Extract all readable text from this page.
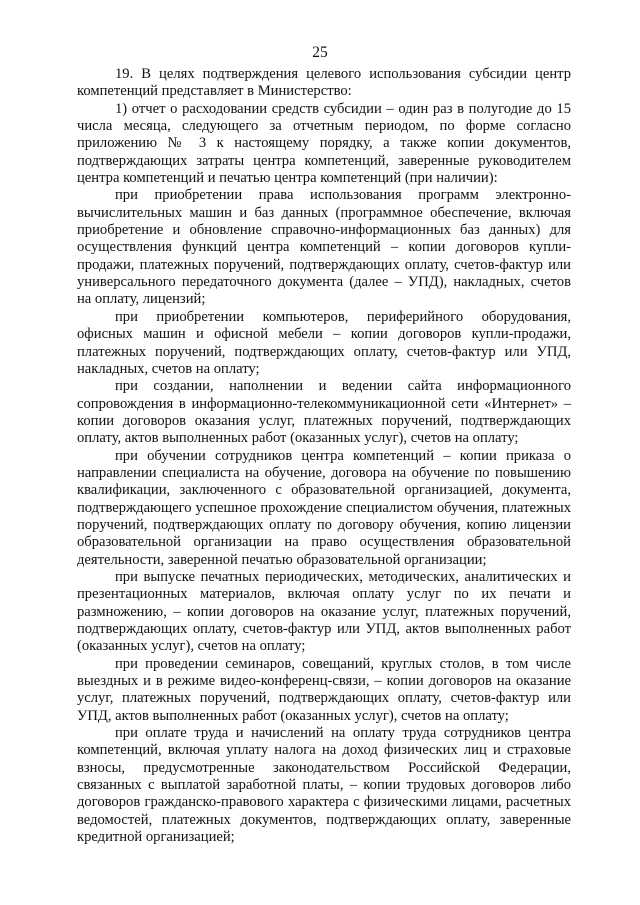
25

19. В целях подтверждения целевого использования субсидии центр компетенций представляет в Министерство:

1) отчет о расходовании средств субсидии – один раз в полугодие до 15 числа месяца, следующего за отчетным периодом, по форме согласно приложению № 3 к настоящему порядку, а также копии документов, подтверждающих затраты центра компетенций, заверенные руководителем центра компетенций и печатью центра компетенций (при наличии):

при приобретении права использования программ электронно-вычислительных машин и баз данных (программное обеспечение, включая приобретение и обновление справочно-информационных баз данных) для осуществления функций центра компетенций – копии договоров купли-продажи, платежных поручений, подтверждающих оплату, счетов-фактур или универсального передаточного документа (далее – УПД), накладных, счетов на оплату, лицензий;

при приобретении компьютеров, периферийного оборудования, офисных машин и офисной мебели – копии договоров купли-продажи, платежных поручений, подтверждающих оплату, счетов-фактур или УПД, накладных, счетов на оплату;

при создании, наполнении и ведении сайта информационного сопровождения в информационно-телекоммуникационной сети «Интернет» – копии договоров оказания услуг, платежных поручений, подтверждающих оплату, актов выполненных работ (оказанных услуг), счетов на оплату;

при обучении сотрудников центра компетенций – копии приказа о направлении специалиста на обучение, договора на обучение по повышению квалификации, заключенного с образовательной организацией, документа, подтверждающего успешное прохождение специалистом обучения, платежных поручений, подтверждающих оплату по договору обучения, копию лицензии образовательной организации на право осуществления образовательной деятельности, заверенной печатью образовательной организации;

при выпуске печатных периодических, методических, аналитических и презентационных материалов, включая оплату услуг по их печати и размножению, – копии договоров на оказание услуг, платежных поручений, подтверждающих оплату, счетов-фактур или УПД, актов выполненных работ (оказанных услуг), счетов на оплату;

при проведении семинаров, совещаний, круглых столов, в том числе выездных и в режиме видео-конференц-связи, – копии договоров на оказание услуг, платежных поручений, подтверждающих оплату, счетов-фактур или УПД, актов выполненных работ (оказанных услуг), счетов на оплату;

при оплате труда и начислений на оплату труда сотрудников центра компетенций, включая уплату налога на доход физических лиц и страховые взносы, предусмотренные законодательством Российской Федерации, связанных с выплатой заработной платы, – копии трудовых договоров либо договоров гражданско-правового характера с физическими лицами, расчетных ведомостей, платежных документов, подтверждающих оплату, заверенные кредитной организацией;
